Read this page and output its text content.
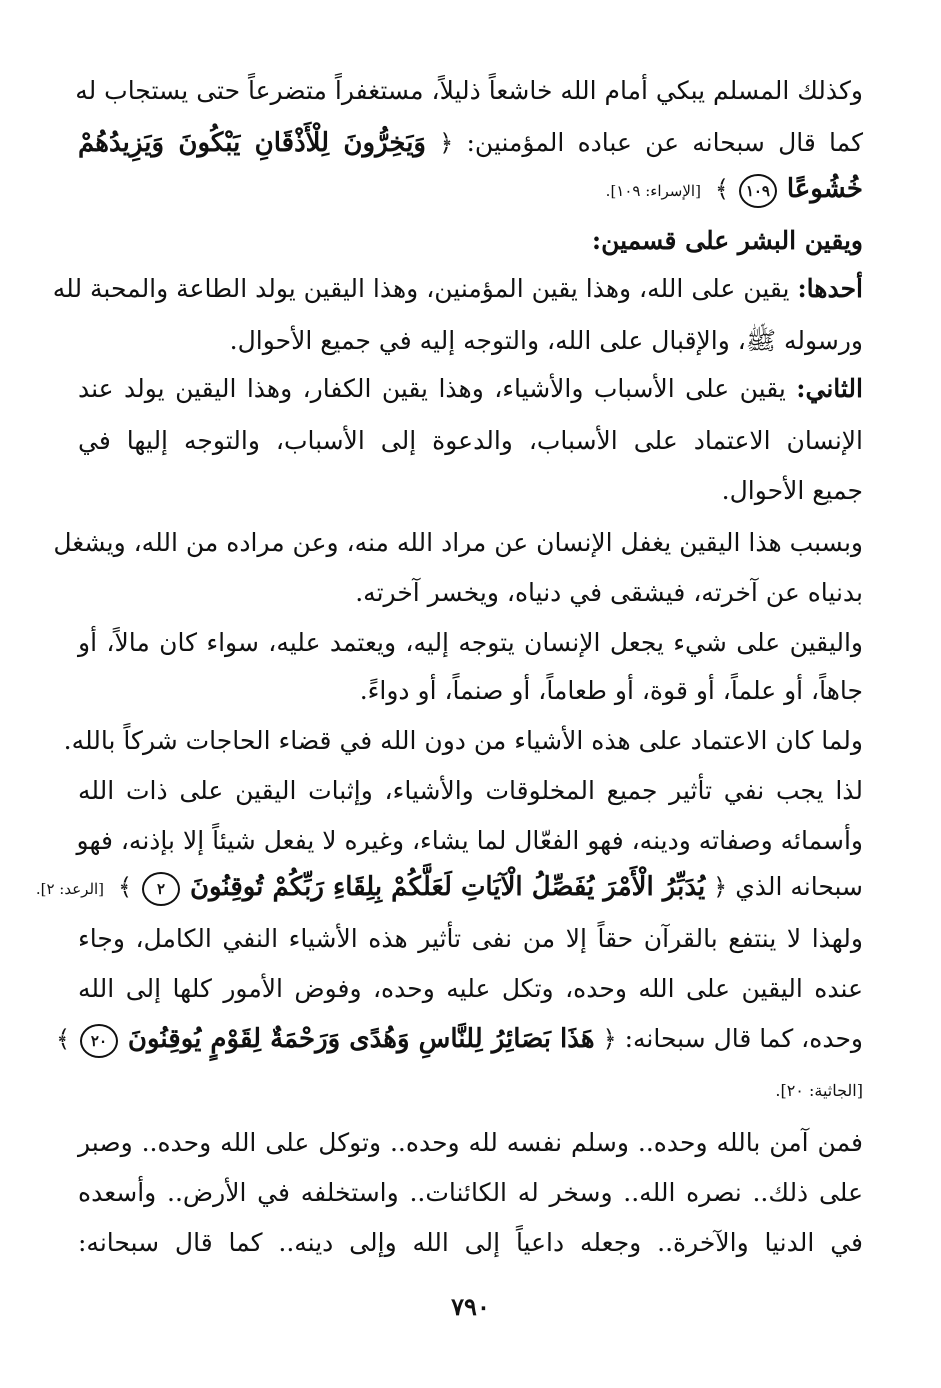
وكذلك المسلم يبكي أمام الله خاشعاً ذليلاً، مستغفراً متضرعاً حتى يستجاب له
كما قال سبحانه عن عباده المؤمنين: ﴿ وَيَخِرُّونَ لِلْأَذْقَانِ يَبْكُونَ وَيَزِيدُهُمْ
خُشُوعًا ١٠٩ ﴾ [الإسراء: ١٠٩].
ويقين البشر على قسمين:
أحدها: يقين على الله، وهذا يقين المؤمنين، وهذا اليقين يولد الطاعة والمحبة لله
ورسوله ﷺ، والإقبال على الله، والتوجه إليه في جميع الأحوال.
الثاني: يقين على الأسباب والأشياء، وهذا يقين الكفار، وهذا اليقين يولد عند
الإنسان الاعتماد على الأسباب، والدعوة إلى الأسباب، والتوجه إليها في
جميع الأحوال.
وبسبب هذا اليقين يغفل الإنسان عن مراد الله منه، وعن مراده من الله، ويشغل
بدنياه عن آخرته، فيشقى في دنياه، ويخسر آخرته.
واليقين على شيء يجعل الإنسان يتوجه إليه، ويعتمد عليه، سواء كان مالاً، أو
جاهاً، أو علماً، أو قوة، أو طعاماً، أو صنماً، أو دواءً.
ولما كان الاعتماد على هذه الأشياء من دون الله في قضاء الحاجات شركاً بالله.
لذا يجب نفي تأثير جميع المخلوقات والأشياء، وإثبات اليقين على ذات الله
وأسمائه وصفاته ودينه، فهو الفعّال لما يشاء، وغيره لا يفعل شيئاً إلا بإذنه، فهو
سبحانه الذي ﴿ يُدَبِّرُ الْأَمْرَ يُفَصِّلُ الْآيَاتِ لَعَلَّكُمْ بِلِقَاءِ رَبِّكُمْ تُوقِنُونَ ٢ ﴾ [الرعد: ٢].
ولهذا لا ينتفع بالقرآن حقاً إلا من نفى تأثير هذه الأشياء النفي الكامل، وجاء
عنده اليقين على الله وحده، وتكل عليه وحده، وفوض الأمور كلها إلى الله
وحده، كما قال سبحانه: ﴿ هَذَا بَصَائِرُ لِلنَّاسِ وَهُدًى وَرَحْمَةٌ لِقَوْمٍ يُوقِنُونَ ٢٠ ﴾
[الجاثية: ٢٠].
فمن آمن بالله وحده.. وسلم نفسه لله وحده.. وتوكل على الله وحده.. وصبر
على ذلك.. نصره الله.. وسخر له الكائنات.. واستخلفه في الأرض.. وأسعده
في الدنيا والآخرة.. وجعله داعياً إلى الله وإلى دينه.. كما قال سبحانه:
٧٩٠
